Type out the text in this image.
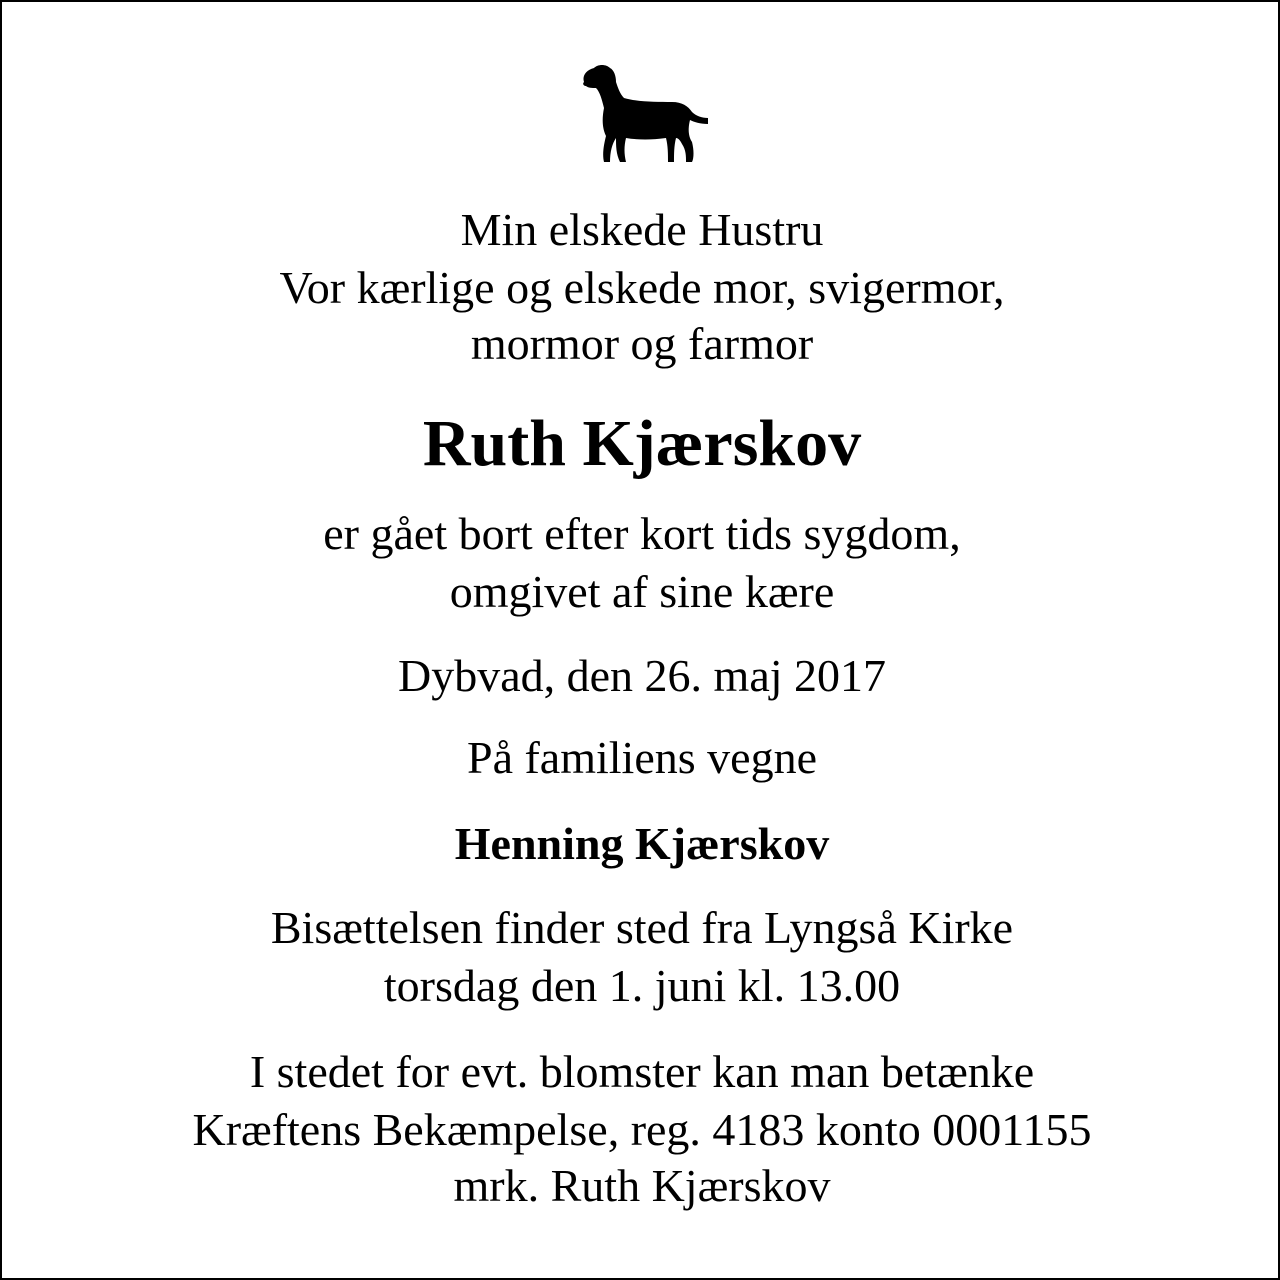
Min elskede Hustru
Vor kærlige og elskede mor, svigermor,
mormor og farmor
Ruth Kjærskov
er gået bort efter kort tids sygdom,
omgivet af sine kære
Dybvad, den 26. maj 2017
På familiens vegne
Henning Kjærskov
Bisættelsen finder sted fra Lyngså Kirke
torsdag den 1. juni kl. 13.00
I stedet for evt. blomster kan man betænke
Kræftens Bekæmpelse, reg. 4183 konto 0001155
mrk. Ruth Kjærskov
